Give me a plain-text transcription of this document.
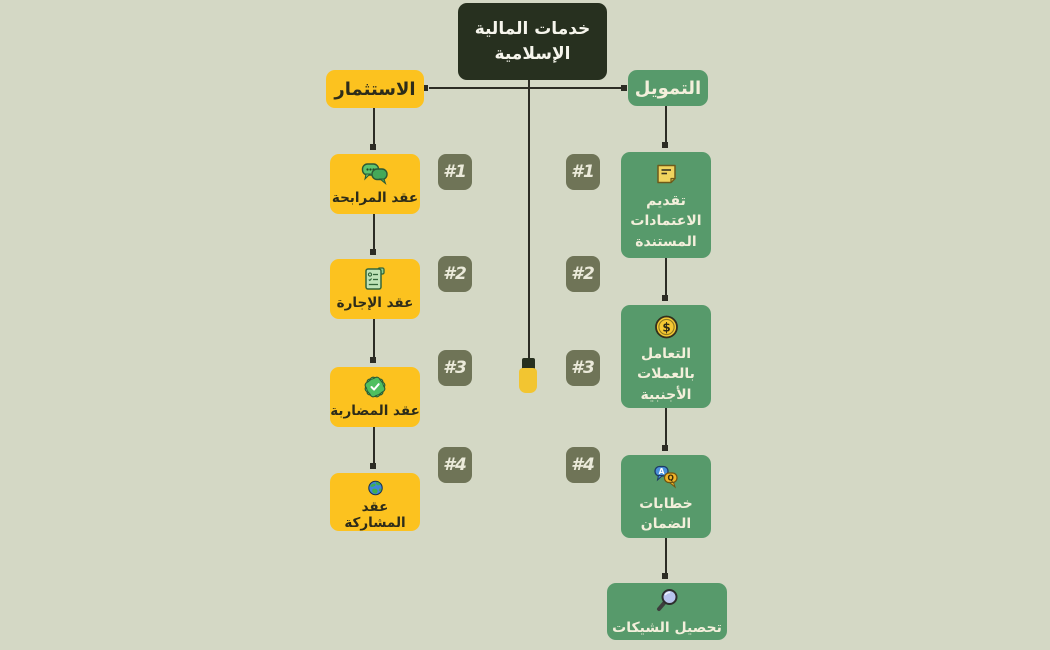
خدمات المالية الإسلامية
الاستثمار	التمويل
عقد المرابحة
عقد الإجارة
عقد المضاربة
عقد المشاركة
تقديم الاعتمادات المستندة
$
التعامل بالعملات الأجنبية
A
Q
خطابات الضمان
تحصيل الشيكات
#1
#2
#3
#4
#1
#2
#3
#4
